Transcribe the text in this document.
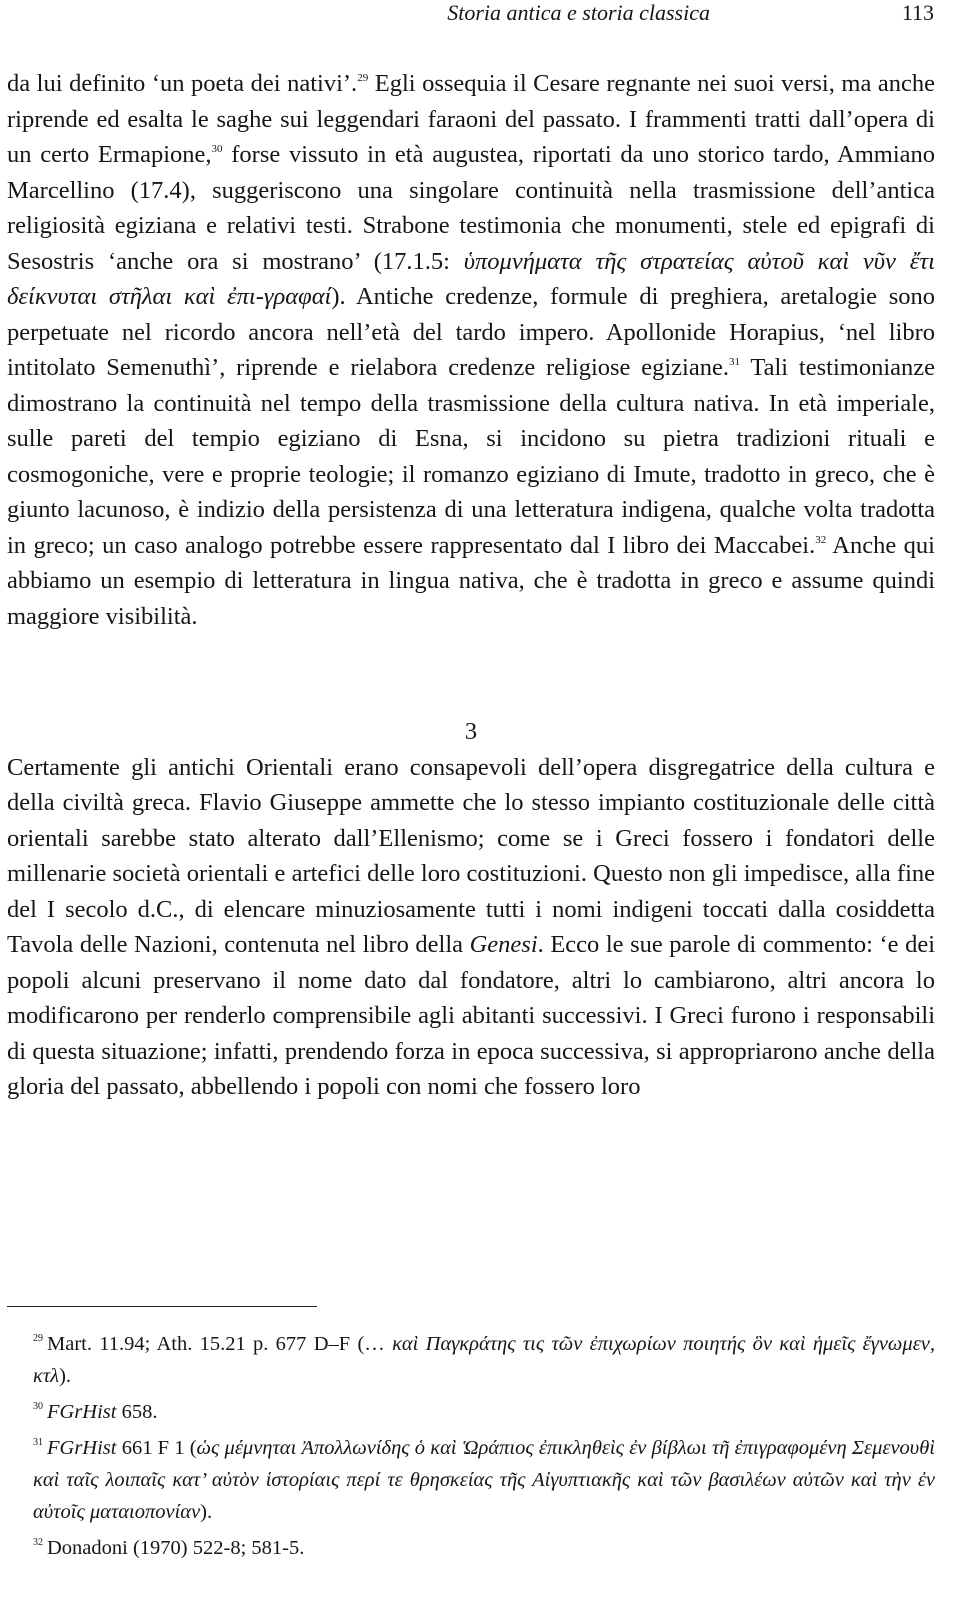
Storia antica e storia classica	113

da lui definito ‘un poeta dei nativi’.$^{29}$ Egli ossequia il Cesare regnante nei suoi versi, ma anche riprende ed esalta le saghe sui leggendari faraoni del passato. I frammenti tratti dall’opera di un certo Ermapione,$^{30}$ forse vissuto in età augustea, riportati da uno storico tardo, Ammiano Marcellino (17.4), suggeriscono una singolare continuità nella trasmissione dell’antica religiosità egiziana e relativi testi. Strabone testimonia che monumenti, stele ed epigrafi di Sesostris ‘anche ora si mostrano’ (17.1.5: ὑπομνήματα τῆς στρατείας αὐτοῦ καὶ νῦν ἔτι δείκνυται στῆλαι καὶ ἐπι-γραφαί). Antiche credenze, formule di preghiera, aretalogie sono perpetuate nel ricordo ancora nell’età del tardo impero. Apollonide Horapius, ‘nel libro intitolato Semenuthì’, riprende e rielabora credenze religiose egiziane.$^{31}$ Tali testimonianze dimostrano la continuità nel tempo della trasmissione della cultura nativa. In età imperiale, sulle pareti del tempio egiziano di Esna, si incidono su pietra tradizioni rituali e cosmogoniche, vere e proprie teologie; il romanzo egiziano di Imute, tradotto in greco, che è giunto lacunoso, è indizio della persistenza di una letteratura indigena, qualche volta tradotta in greco; un caso analogo potrebbe essere rappresentato dal I libro dei Maccabei.$^{32}$ Anche qui abbiamo un esempio di letteratura in lingua nativa, che è tradotta in greco e assume quindi maggiore visibilità.

3

Certamente gli antichi Orientali erano consapevoli dell’opera disgregatrice della cultura e della civiltà greca. Flavio Giuseppe ammette che lo stesso impianto costituzionale delle città orientali sarebbe stato alterato dall’Ellenismo; come se i Greci fossero i fondatori delle millenarie società orientali e artefici delle loro costituzioni. Questo non gli impedisce, alla fine del I secolo d.C., di elencare minuziosamente tutti i nomi indigeni toccati dalla cosiddetta Tavola delle Nazioni, contenuta nel libro della Genesi. Ecco le sue parole di commento: ‘e dei popoli alcuni preservano il nome dato dal fondatore, altri lo cambiarono, altri ancora lo modificarono per renderlo comprensibile agli abitanti successivi. I Greci furono i responsabili di questa situazione; infatti, prendendo forza in epoca successiva, si appropriarono anche della gloria del passato, abbellendo i popoli con nomi che fossero loro

$^{29}$ Mart. 11.94; Ath. 15.21 p. 677 D–F (… καὶ Παγκράτης τις τῶν ἐπιχωρίων ποιητής ὃν καὶ ἡμεῖς ἔγνωμεν, κτλ).

$^{30}$ FGrHist 658.

$^{31}$ FGrHist 661 F 1 (ὡς μέμνηται Ἀπολλωνίδης ὁ καὶ Ὡράπιος ἐπικληθεὶς ἐν βίβλωι τῆ ἐπιγραφομένη Σεμενουθὶ καὶ ταῖς λοιπαῖς κατ’ αὐτὸν ἱστορίαις περί τε θρησκείας τῆς Αἰγυπτιακῆς καὶ τῶν βασιλέων αὐτῶν καὶ τὴν ἐν αὐτοῖς ματαιοπονίαν).

$^{32}$ Donadoni (1970) 522-8; 581-5.
